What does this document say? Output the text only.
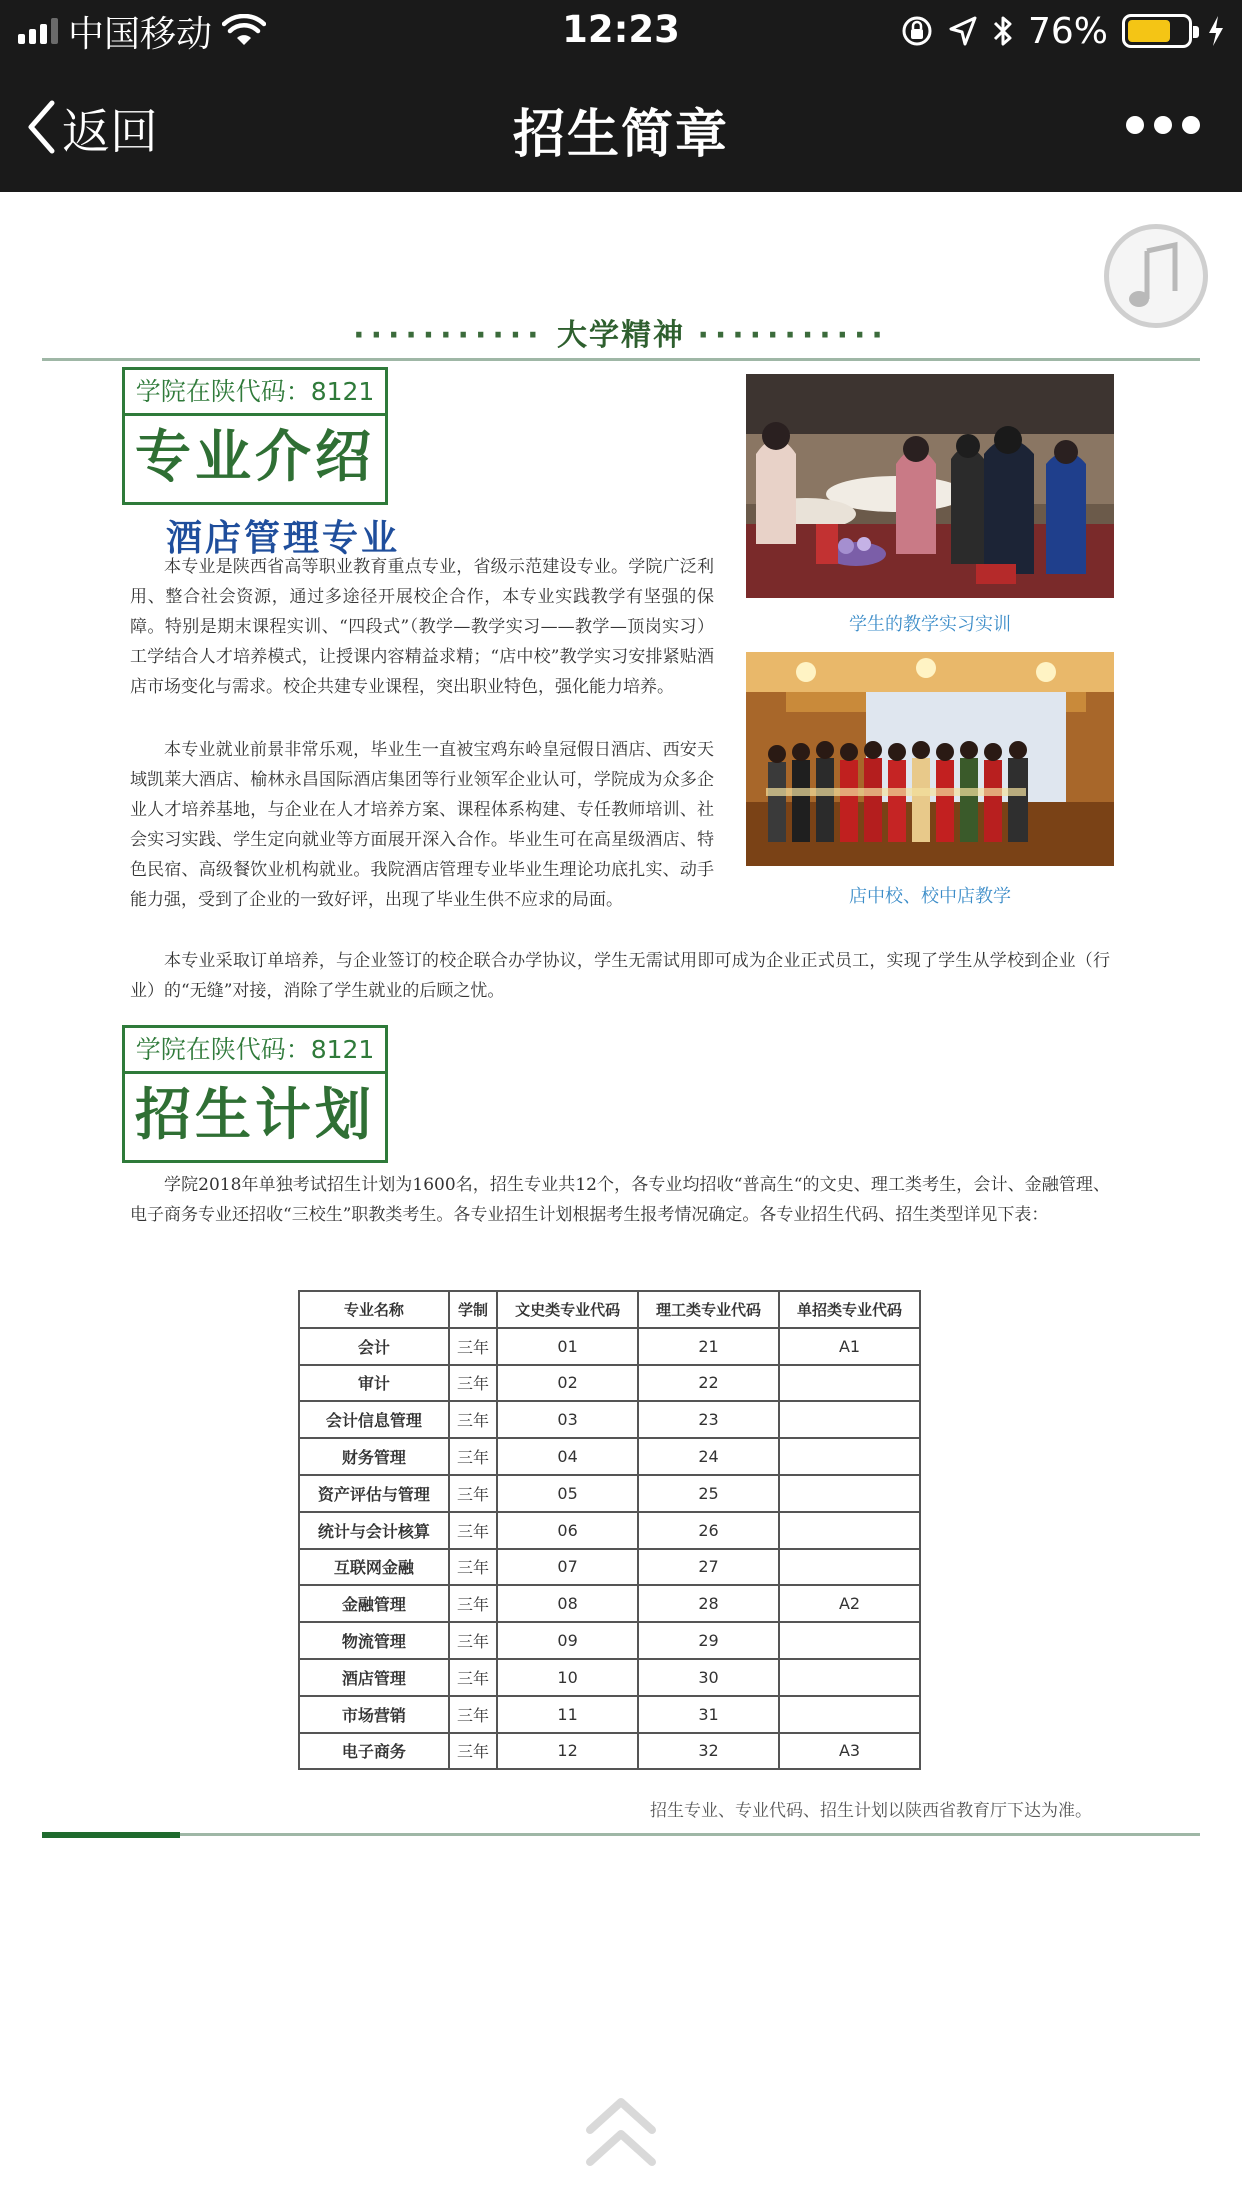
中国移动	12:23	76%
返回	招生简章
··········· 大学精神 ···········
学院在陕代码：8121
专业介绍
酒店管理专业
本专业是陕西省高等职业教育重点专业，省级示范建设专业。学院广泛利用、整合社会资源，通过多途径开展校企合作，本专业实践教学有坚强的保障。特别是期末课程实训、“四段式”（教学—教学实习——教学—顶岗实习）工学结合人才培养模式，让授课内容精益求精；“店中校”教学实习安排紧贴酒店市场变化与需求。校企共建专业课程，突出职业特色，强化能力培养。
本专业就业前景非常乐观，毕业生一直被宝鸡东岭皇冠假日酒店、西安天域凯莱大酒店、榆林永昌国际酒店集团等行业领军企业认可，学院成为众多企业人才培养基地，与企业在人才培养方案、课程体系构建、专任教师培训、社会实习实践、学生定向就业等方面展开深入合作。毕业生可在高星级酒店、特色民宿、高级餐饮业机构就业。我院酒店管理专业毕业生理论功底扎实、动手能力强，受到了企业的一致好评，出现了毕业生供不应求的局面。
本专业采取订单培养，与企业签订的校企联合办学协议，学生无需试用即可成为企业正式员工，实现了学生从学校到企业（行业）的“无缝”对接，消除了学生就业的后顾之忧。
学生的教学实习实训
店中校、校中店教学
学院在陕代码：8121
招生计划
学院2018年单独考试招生计划为1600名，招生专业共12个，各专业均招收“普高生“的文史、理工类考生，会计、金融管理、电子商务专业还招收“三校生”职教类考生。各专业招生计划根据考生报考情况确定。各专业招生代码、招生类型详见下表：
专业名称	学制	文史类专业代码	理工类专业代码	单招类专业代码
会计	三年	01	21	A1
审计	三年	02	22	
会计信息管理	三年	03	23	
财务管理	三年	04	24	
资产评估与管理	三年	05	25	
统计与会计核算	三年	06	26	
互联网金融	三年	07	27	
金融管理	三年	08	28	A2
物流管理	三年	09	29	
酒店管理	三年	10	30	
市场营销	三年	11	31	
电子商务	三年	12	32	A3
招生专业、专业代码、招生计划以陕西省教育厅下达为准。
